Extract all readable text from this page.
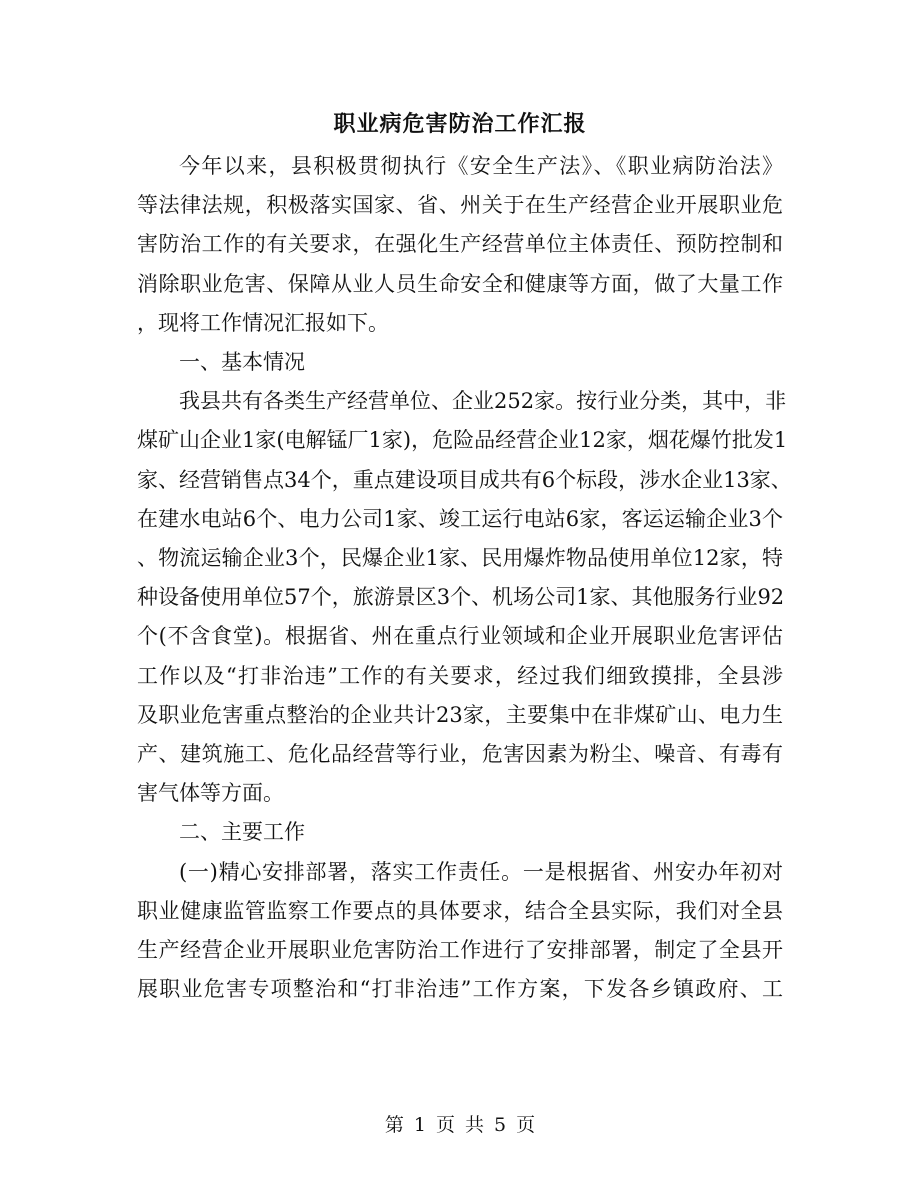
职业病危害防治工作汇报
今年以来，县积极贯彻执行《安全生产法》、《职业病防治法》
等法律法规，积极落实国家、省、州关于在生产经营企业开展职业危
害防治工作的有关要求，在强化生产经营单位主体责任、预防控制和
消除职业危害、保障从业人员生命安全和健康等方面，做了大量工作
，现将工作情况汇报如下。
一、基本情况
我县共有各类生产经营单位、企业252家。按行业分类，其中，非
煤矿山企业1家(电解锰厂1家)，危险品经营企业12家，烟花爆竹批发1
家、经营销售点34个，重点建设项目成共有6个标段，涉水企业13家、
在建水电站6个、电力公司1家、竣工运行电站6家，客运运输企业3个
、物流运输企业3个，民爆企业1家、民用爆炸物品使用单位12家，特
种设备使用单位57个，旅游景区3个、机场公司1家、其他服务行业92
个(不含食堂)。根据省、州在重点行业领域和企业开展职业危害评估
工作以及“打非治违”工作的有关要求，经过我们细致摸排，全县涉
及职业危害重点整治的企业共计23家，主要集中在非煤矿山、电力生
产、建筑施工、危化品经营等行业，危害因素为粉尘、噪音、有毒有
害气体等方面。
二、主要工作
(一)精心安排部署，落实工作责任。一是根据省、州安办年初对
职业健康监管监察工作要点的具体要求，结合全县实际，我们对全县
生产经营企业开展职业危害防治工作进行了安排部署，制定了全县开
展职业危害专项整治和“打非治违”工作方案，下发各乡镇政府、工
第 1 页 共 5 页
